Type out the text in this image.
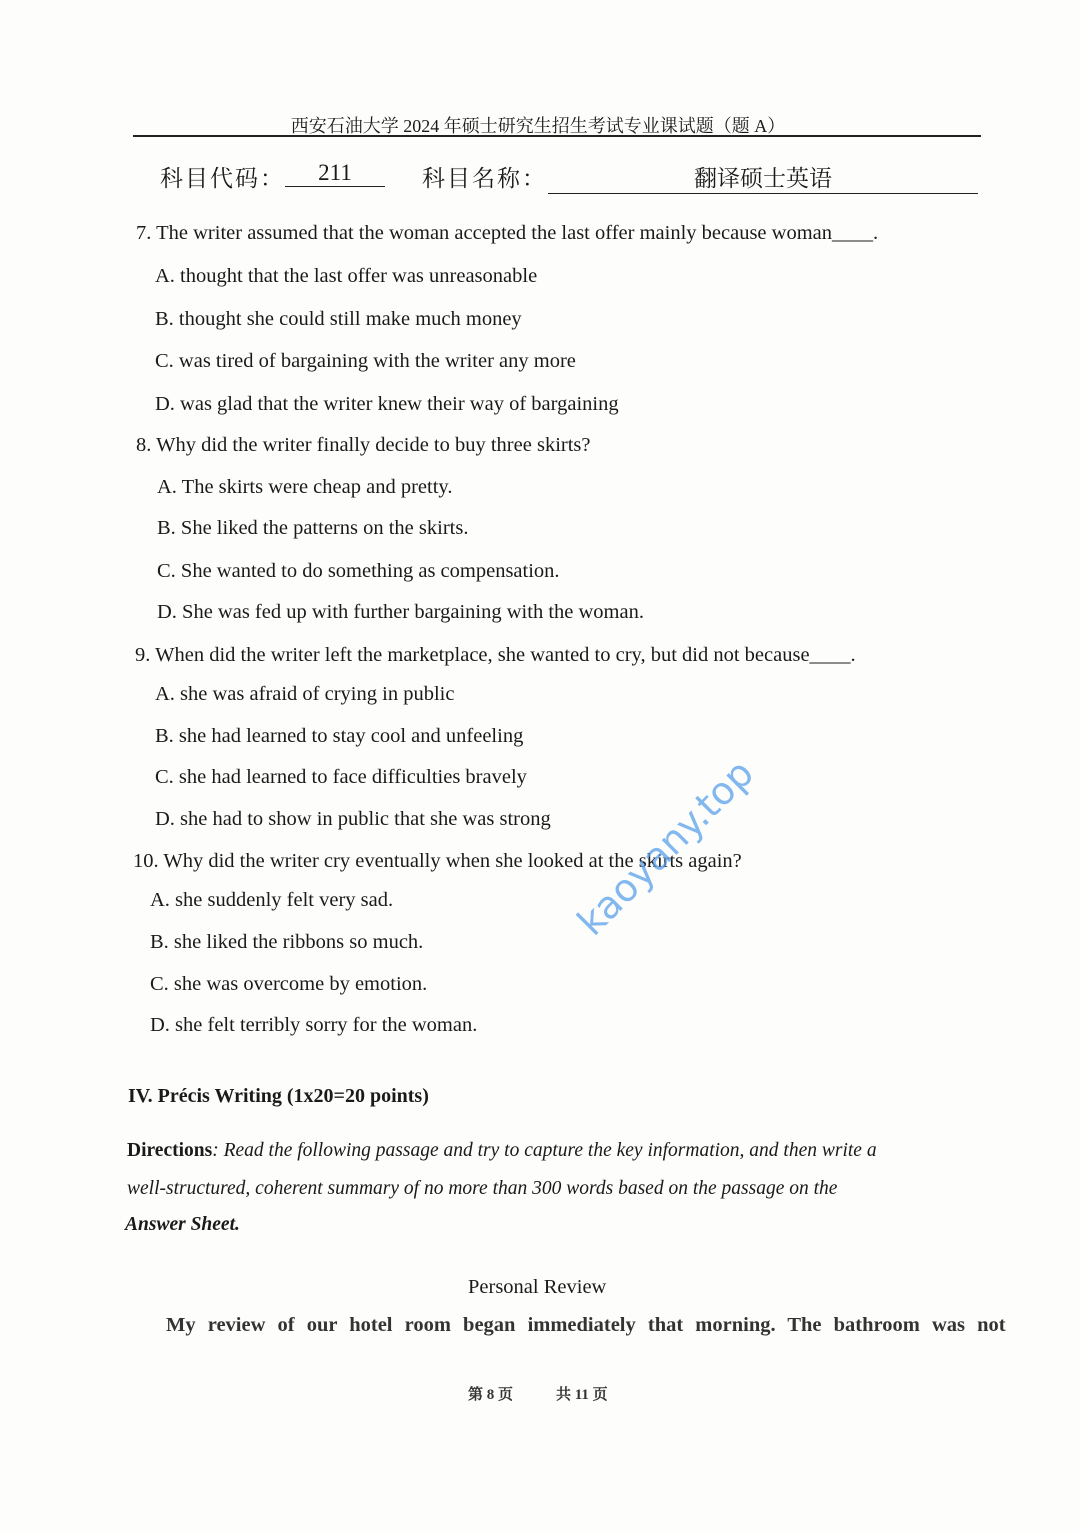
西安石油大学 2024 年硕士研究生招生考试专业课试题（题 A）
科目代码：	211	科目名称：	翻译硕士英语
7. The writer assumed that the woman accepted the last offer mainly because woman____.
A. thought that the last offer was unreasonable
B. thought she could still make much money
C. was tired of bargaining with the writer any more
D. was glad that the writer knew their way of bargaining
8. Why did the writer finally decide to buy three skirts?
A. The skirts were cheap and pretty.
B. She liked the patterns on the skirts.
C. She wanted to do something as compensation.
D. She was fed up with further bargaining with the woman.
9. When did the writer left the marketplace, she wanted to cry, but did not because____.
A. she was afraid of crying in public
B. she had learned to stay cool and unfeeling
C. she had learned to face difficulties bravely
D. she had to show in public that she was strong
10. Why did the writer cry eventually when she looked at the skirts again?
A. she suddenly felt very sad.
B. she liked the ribbons so much.
C. she was overcome by emotion.
D. she felt terribly sorry for the woman.
IV. Précis Writing (1x20=20 points)
Directions: Read the following passage and try to capture the key information, and then write a
well-structured, coherent summary of no more than 300 words based on the passage on the
Answer Sheet.
Personal Review
My review of our hotel room began immediately that morning. The bathroom was not
第 8 页	共 11 页
kaoyany.top
